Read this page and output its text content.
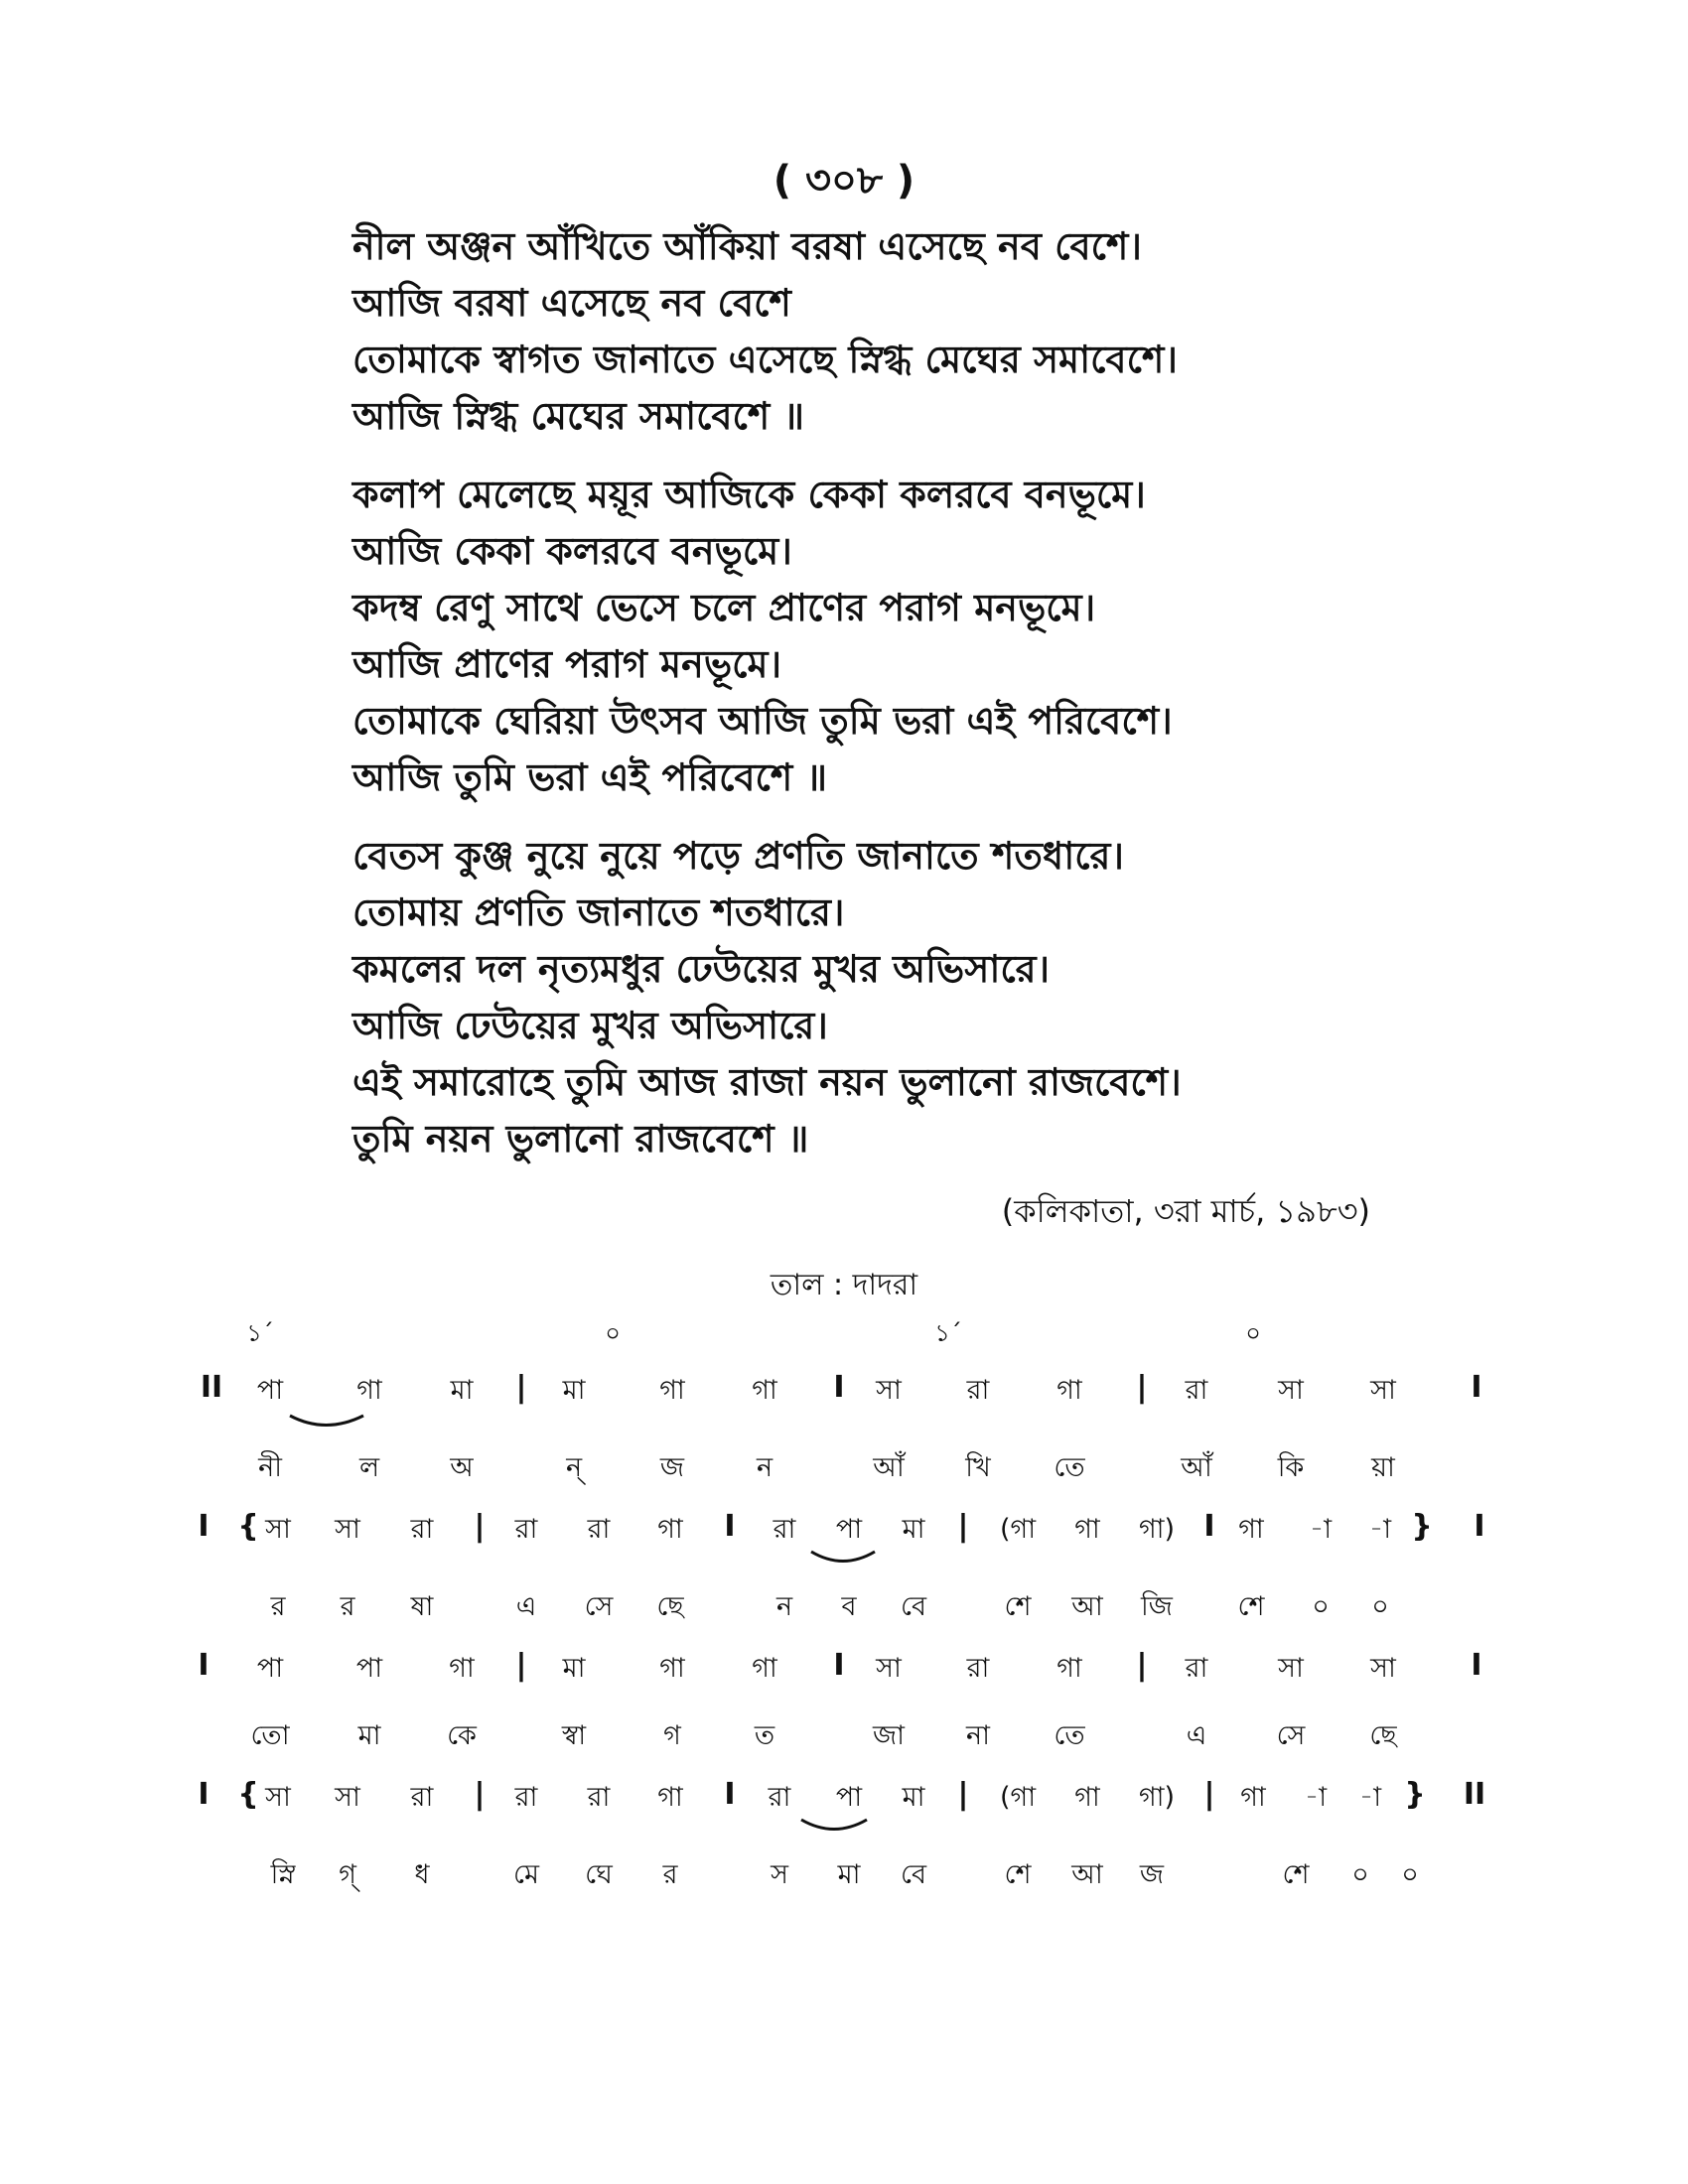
( ৩০৮ )
নীল অঞ্জন আঁখিতে আঁকিয়া বরষা এসেছে নব বেশে।
আজি বরষা এসেছে নব বেশে
তোমাকে স্বাগত জানাতে এসেছে স্নিগ্ধ মেঘের সমাবেশে।
আজি স্নিগ্ধ মেঘের সমাবেশে ॥
কলাপ মেলেছে ময়ূর আজিকে কেকা কলরবে বনভূমে।
আজি কেকা কলরবে বনভূমে।
কদম্ব রেণু সাথে ভেসে চলে প্রাণের পরাগ মনভূমে।
আজি প্রাণের পরাগ মনভূমে।
তোমাকে ঘেরিয়া উৎসব আজি তুমি ভরা এই পরিবেশে।
আজি তুমি ভরা এই পরিবেশে ॥
বেতস কুঞ্জ নুয়ে নুয়ে পড়ে প্রণতি জানাতে শতধারে।
তোমায় প্রণতি জানাতে শতধারে।
কমলের দল নৃত্যমধুর ঢেউয়ের মুখর অভিসারে।
আজি ঢেউয়ের মুখর অভিসারে।
এই সমারোহে তুমি আজ রাজা নয়ন ভুলানো রাজবেশে।
তুমি নয়ন ভুলানো রাজবেশে ॥
(কলিকাতা, ৩রা মার্চ, ১৯৮৩)
তাল : দাদরা
১´	০	১´	০
II পা	গা	মা | মা	গা গা I সা রা	গা | রা	সা সা	I
নী	ল	অ	ন্	জ	ন	আঁ খি তে	আঁ কি	য়া
I { সা সা রা | রা রা গা I রা পা মা | (গা গা গা) I গা -া -া } I
র র ষা	এ সে ছে	ন ব বে	শে আ জি শে ০ ০
I পা	পা গা | মা	গা গা I সা রা	গা | রা	সা সা	I
তো	মা কে	স্বা	গ	ত	জা না তে	এ	সে ছে
I { সা সা রা | রা রা গা I রা পা মা | (গা গা গা) | গা -া -া } II
স্নি গ্ ধ	মে ঘে র	স মা বে	শে আ জ	শে ০ ০
